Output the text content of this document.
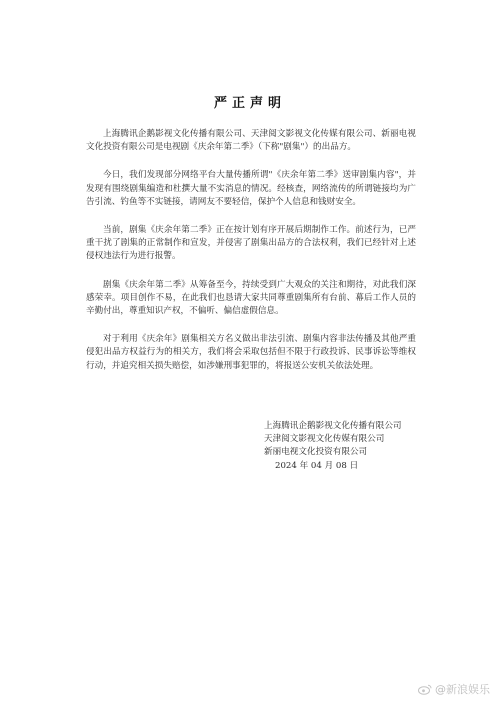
严正声明

上海腾讯企鹅影视文化传播有限公司、天津阅文影视文化传媒有限公司、新丽电视文化投资有限公司是电视剧《庆余年第二季》（下称"剧集"）的出品方。

今日，我们发现部分网络平台大量传播所谓"《庆余年第二季》送审剧集内容"，并发现有围绕剧集编造和杜撰大量不实消息的情况。经核查，网络流传的所谓链接均为广告引流、钓鱼等不实链接，请网友不要轻信，保护个人信息和钱财安全。

当前，剧集《庆余年第二季》正在按计划有序开展后期制作工作。前述行为，已严重干扰了剧集的正常制作和宣发，并侵害了剧集出品方的合法权利，我们已经针对上述侵权违法行为进行报警。

剧集《庆余年第二季》从筹备至今，持续受到广大观众的关注和期待，对此我们深感荣幸。项目创作不易，在此我们也恳请大家共同尊重剧集所有台前、幕后工作人员的辛勤付出，尊重知识产权，不偏听、偏信虚假信息。

对于利用《庆余年》剧集相关方名义做出非法引流、剧集内容非法传播及其他严重侵犯出品方权益行为的相关方，我们将会采取包括但不限于行政投诉、民事诉讼等维权行动，并追究相关损失赔偿，如涉嫌刑事犯罪的，将报送公安机关依法处理。

上海腾讯企鹅影视文化传播有限公司
天津阅文影视文化传媒有限公司
新丽电视文化投资有限公司
2024 年 04 月 08 日
@新浪娱乐
